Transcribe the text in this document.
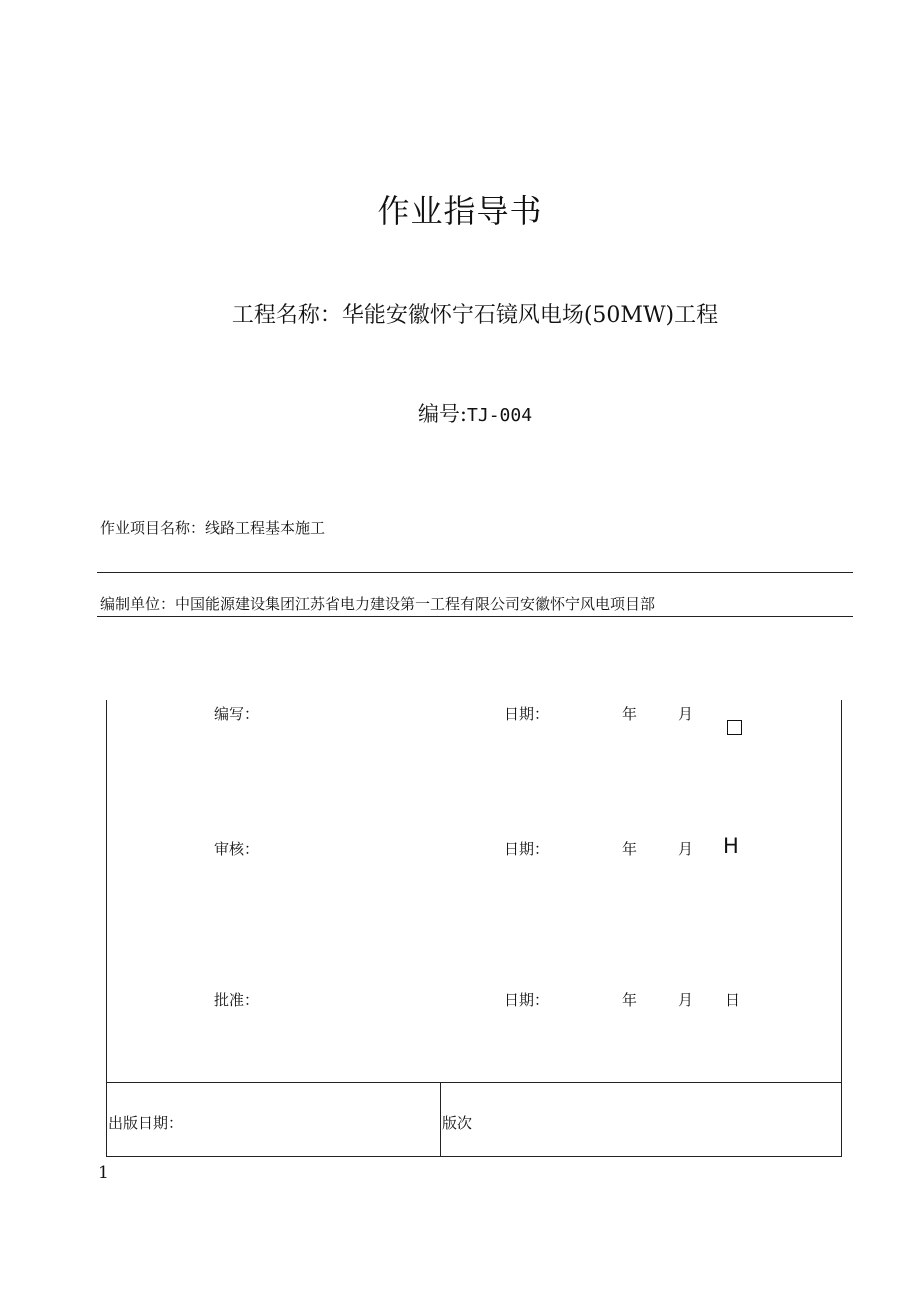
作业指导书
工程名称：华能安徽怀宁石镜风电场(50MW)工程
编号:TJ-004
作业项目名称：线路工程基本施工
编制单位：中国能源建设集团江苏省电力建设第一工程有限公司安徽怀宁风电项目部
编写：	日期：	年	月
审核：	日期：	年	月 H
批准：	日期：	年	月 日
出版日期：	版次
1
